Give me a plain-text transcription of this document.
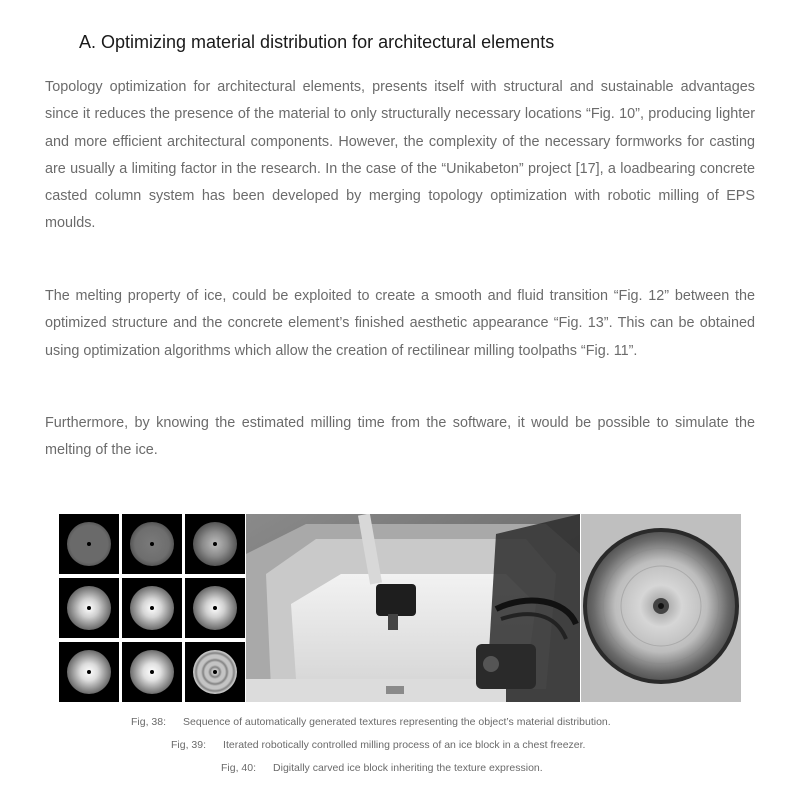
A. Optimizing material distribution for architectural elements

Topology optimization for architectural elements, presents itself with structural and sustainable advantages since it reduces the presence of the material to only structurally necessary locations “Fig. 10”, producing lighter and more efficient architectural components. However, the complexity of the necessary formworks for casting are usually a limiting factor in the research. In the case of the “Unikabeton” project [17], a loadbearing concrete casted column system has been developed by merging topology optimization with robotic milling of EPS moulds.

The melting property of ice, could be exploited to create a smooth and fluid transition “Fig. 12” between the optimized structure and the concrete element’s finished aesthetic appearance “Fig. 13”. This can be obtained using optimization algorithms which allow the creation of rectilinear milling toolpaths “Fig. 11”.

Furthermore, by knowing the estimated milling time from the software, it would be possible to simulate the melting of the ice.

Fig, 38: Sequence of automatically generated textures representing the object’s material distribution.
Fig, 39: Iterated robotically controlled milling process of an ice block in a chest freezer.
Fig, 40: Digitally carved ice block inheriting the texture expression.
